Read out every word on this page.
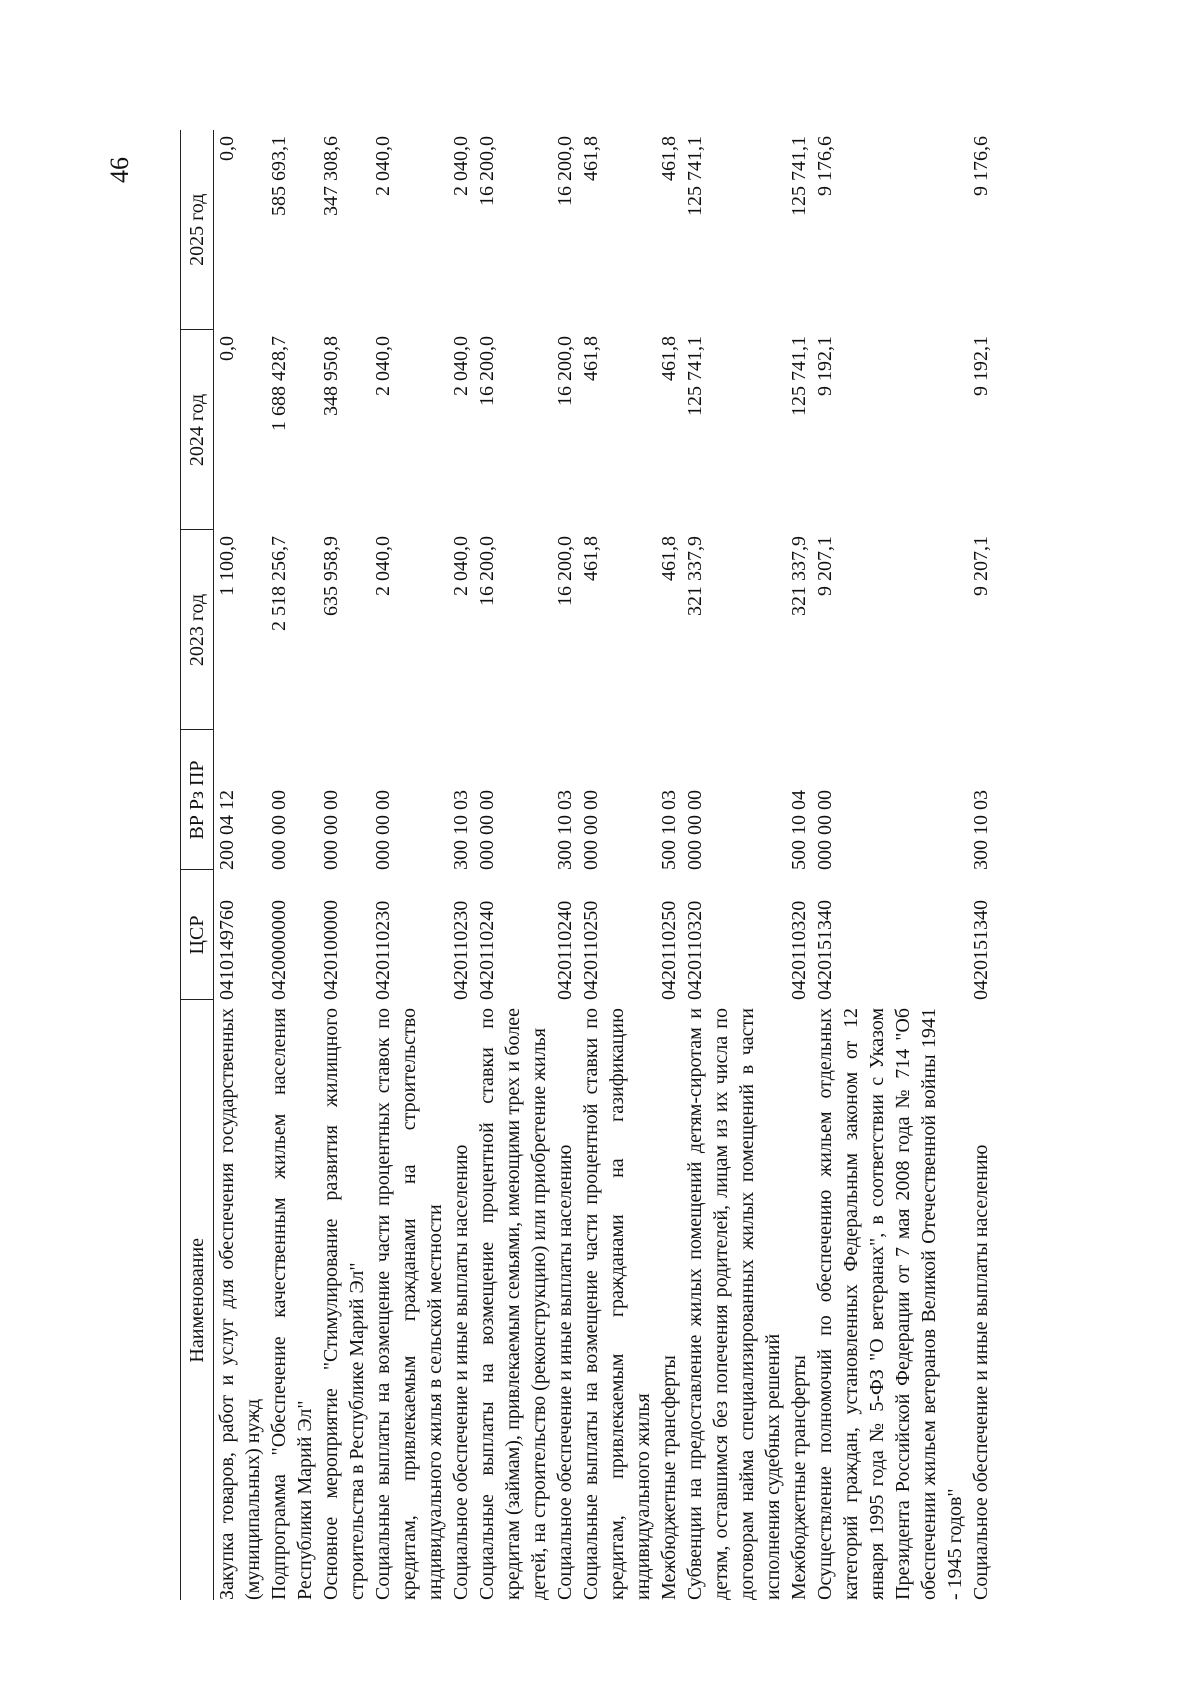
46
Наименование	ЦСР	ВР Рз ПР	2023 год	2024 год	2025 год
Закупка товаров, работ и услуг для обеспечения государственных (муниципальных) нужд	0410149760	200 04 12	1 100,0	0,0	0,0
Подпрограмма "Обеспечение качественным жильем населения Республики Марий Эл"	0420000000	000 00 00	2 518 256,7	1 688 428,7	585 693,1
Основное мероприятие "Стимулирование развития жилищного строительства в Республике Марий Эл"	0420100000	000 00 00	635 958,9	348 950,8	347 308,6
Социальные выплаты на возмещение части процентных ставок по кредитам, привлекаемым гражданами на строительство индивидуального жилья в сельской местности	0420110230	000 00 00	2 040,0	2 040,0	2 040,0
Социальное обеспечение и иные выплаты населению	0420110230	300 10 03	2 040,0	2 040,0	2 040,0
Социальные выплаты на возмещение процентной ставки по кредитам (займам), привлекаемым семьями, имеющими трех и более детей, на строительство (реконструкцию) или приобретение жилья	0420110240	000 00 00	16 200,0	16 200,0	16 200,0
Социальное обеспечение и иные выплаты населению	0420110240	300 10 03	16 200,0	16 200,0	16 200,0
Социальные выплаты на возмещение части процентной ставки по кредитам, привлекаемым гражданами на газификацию индивидуального жилья	0420110250	000 00 00	461,8	461,8	461,8
Межбюджетные трансферты	0420110250	500 10 03	461,8	461,8	461,8
Субвенции на предоставление жилых помещений детям-сиротам и детям, оставшимся без попечения родителей, лицам из их числа по договорам найма специализированных жилых помещений в части исполнения судебных решений	0420110320	000 00 00	321 337,9	125 741,1	125 741,1
Межбюджетные трансферты	0420110320	500 10 04	321 337,9	125 741,1	125 741,1
Осуществление полномочий по обеспечению жильем отдельных категорий граждан, установленных Федеральным законом от 12 января 1995 года № 5-ФЗ "О ветеранах", в соответствии с Указом Президента Российской Федерации от 7 мая 2008 года № 714 "Об обеспечении жильем ветеранов Великой Отечественной войны 1941 - 1945 годов"	0420151340	000 00 00	9 207,1	9 192,1	9 176,6
Социальное обеспечение и иные выплаты населению	0420151340	300 10 03	9 207,1	9 192,1	9 176,6
